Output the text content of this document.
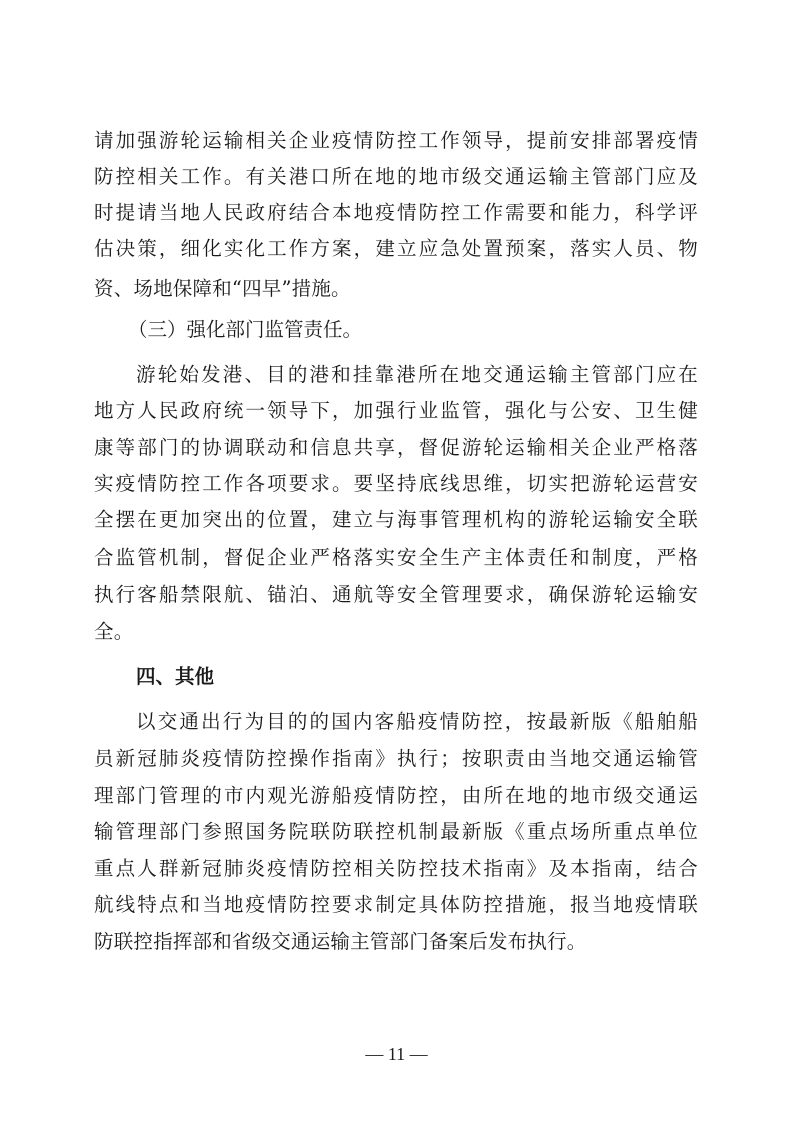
请加强游轮运输相关企业疫情防控工作领导，提前安排部署疫情
防控相关工作。有关港口所在地的地市级交通运输主管部门应及
时提请当地人民政府结合本地疫情防控工作需要和能力，科学评
估决策，细化实化工作方案，建立应急处置预案，落实人员、物
资、场地保障和“四早”措施。
（三）强化部门监管责任。
游轮始发港、目的港和挂靠港所在地交通运输主管部门应在
地方人民政府统一领导下，加强行业监管，强化与公安、卫生健
康等部门的协调联动和信息共享，督促游轮运输相关企业严格落
实疫情防控工作各项要求。要坚持底线思维，切实把游轮运营安
全摆在更加突出的位置，建立与海事管理机构的游轮运输安全联
合监管机制，督促企业严格落实安全生产主体责任和制度，严格
执行客船禁限航、锚泊、通航等安全管理要求，确保游轮运输安
全。
四、其他
以交通出行为目的的国内客船疫情防控，按最新版《船舶船
员新冠肺炎疫情防控操作指南》执行；按职责由当地交通运输管
理部门管理的市内观光游船疫情防控，由所在地的地市级交通运
输管理部门参照国务院联防联控机制最新版《重点场所重点单位
重点人群新冠肺炎疫情防控相关防控技术指南》及本指南，结合
航线特点和当地疫情防控要求制定具体防控措施，报当地疫情联
防联控指挥部和省级交通运输主管部门备案后发布执行。
— 11 —
